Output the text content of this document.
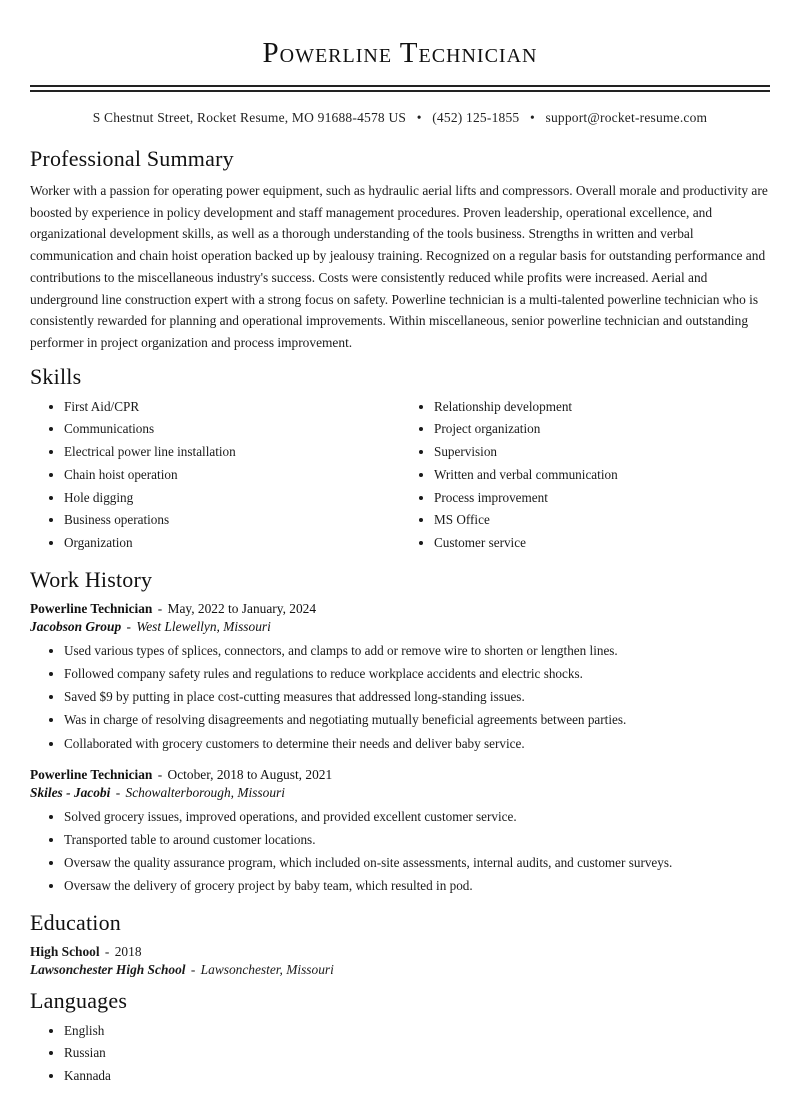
Powerline Technician
S Chestnut Street, Rocket Resume, MO 91688-4578 US • (452) 125-1855 • support@rocket-resume.com
Professional Summary

Worker with a passion for operating power equipment, such as hydraulic aerial lifts and compressors. Overall morale and productivity are boosted by experience in policy development and staff management procedures. Proven leadership, operational excellence, and organizational development skills, as well as a thorough understanding of the tools business. Strengths in written and verbal communication and chain hoist operation backed up by jealousy training. Recognized on a regular basis for outstanding performance and contributions to the miscellaneous industry's success. Costs were consistently reduced while profits were increased. Aerial and underground line construction expert with a strong focus on safety. Powerline technician is a multi-talented powerline technician who is consistently rewarded for planning and operational improvements. Within miscellaneous, senior powerline technician and outstanding performer in project organization and process improvement.

Skills
• First Aid/CPR
• Communications
• Electrical power line installation
• Chain hoist operation
• Hole digging
• Business operations
• Organization
• Relationship development
• Project organization
• Supervision
• Written and verbal communication
• Process improvement
• MS Office
• Customer service
Work History

Powerline Technician - May, 2022 to January, 2024

Jacobson Group - West Llewellyn, Missouri

• Used various types of splices, connectors, and clamps to add or remove wire to shorten or lengthen lines.
• Followed company safety rules and regulations to reduce workplace accidents and electric shocks.
• Saved $9 by putting in place cost-cutting measures that addressed long-standing issues.
• Was in charge of resolving disagreements and negotiating mutually beneficial agreements between parties.
• Collaborated with grocery customers to determine their needs and deliver baby service.

Powerline Technician - October, 2018 to August, 2021

Skiles - Jacobi - Schowalterborough, Missouri

• Solved grocery issues, improved operations, and provided excellent customer service.
• Transported table to around customer locations.
• Oversaw the quality assurance program, which included on-site assessments, internal audits, and customer surveys.
• Oversaw the delivery of grocery project by baby team, which resulted in pod.
Education

High School - 2018

Lawsonchester High School - Lawsonchester, Missouri

Languages
• English
• Russian
• Kannada
